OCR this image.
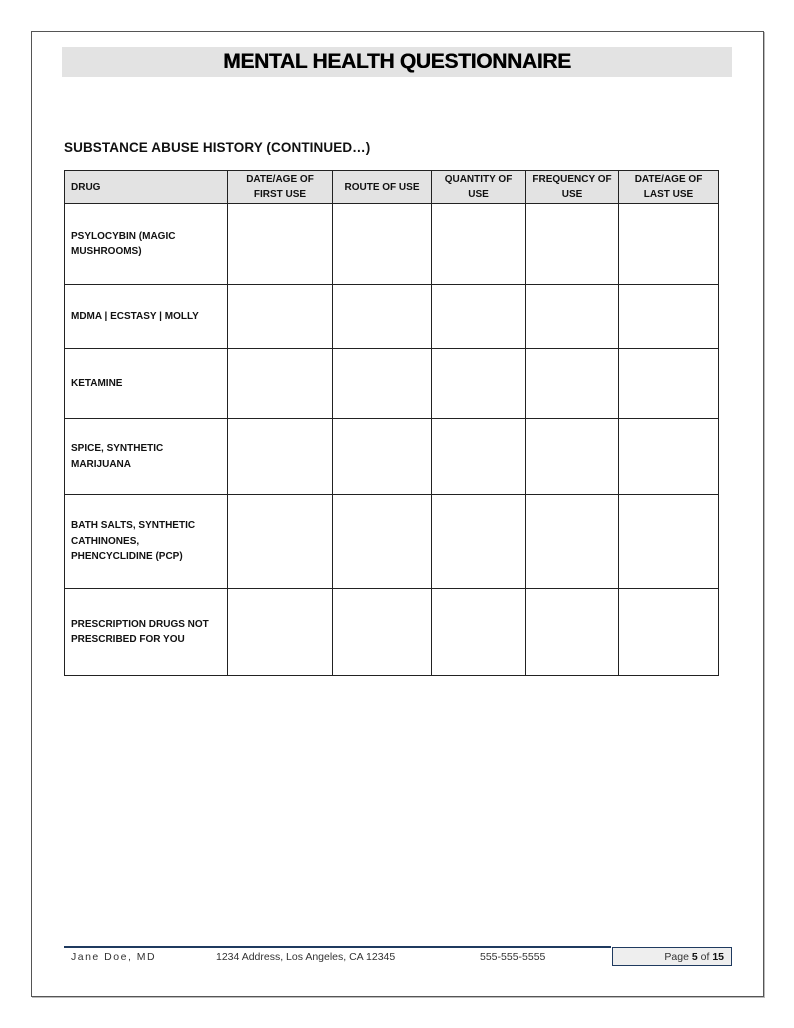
MENTAL HEALTH QUESTIONNAIRE
SUBSTANCE ABUSE HISTORY (CONTINUED…)
DRUG	DATE/AGE OF FIRST USE	ROUTE OF USE	QUANTITY OF USE	FREQUENCY OF USE	DATE/AGE OF LAST USE
PSYLOCYBIN (MAGIC MUSHROOMS)					
MDMA | ECSTASY | MOLLY					
KETAMINE					
SPICE, SYNTHETIC MARIJUANA					
BATH SALTS, SYNTHETIC CATHINONES, PHENCYCLIDINE (PCP)					
PRESCRIPTION DRUGS NOT PRESCRIBED FOR YOU					
Jane Doe, MD	1234 Address, Los Angeles, CA 12345	555-555-5555	Page
5
of
15
